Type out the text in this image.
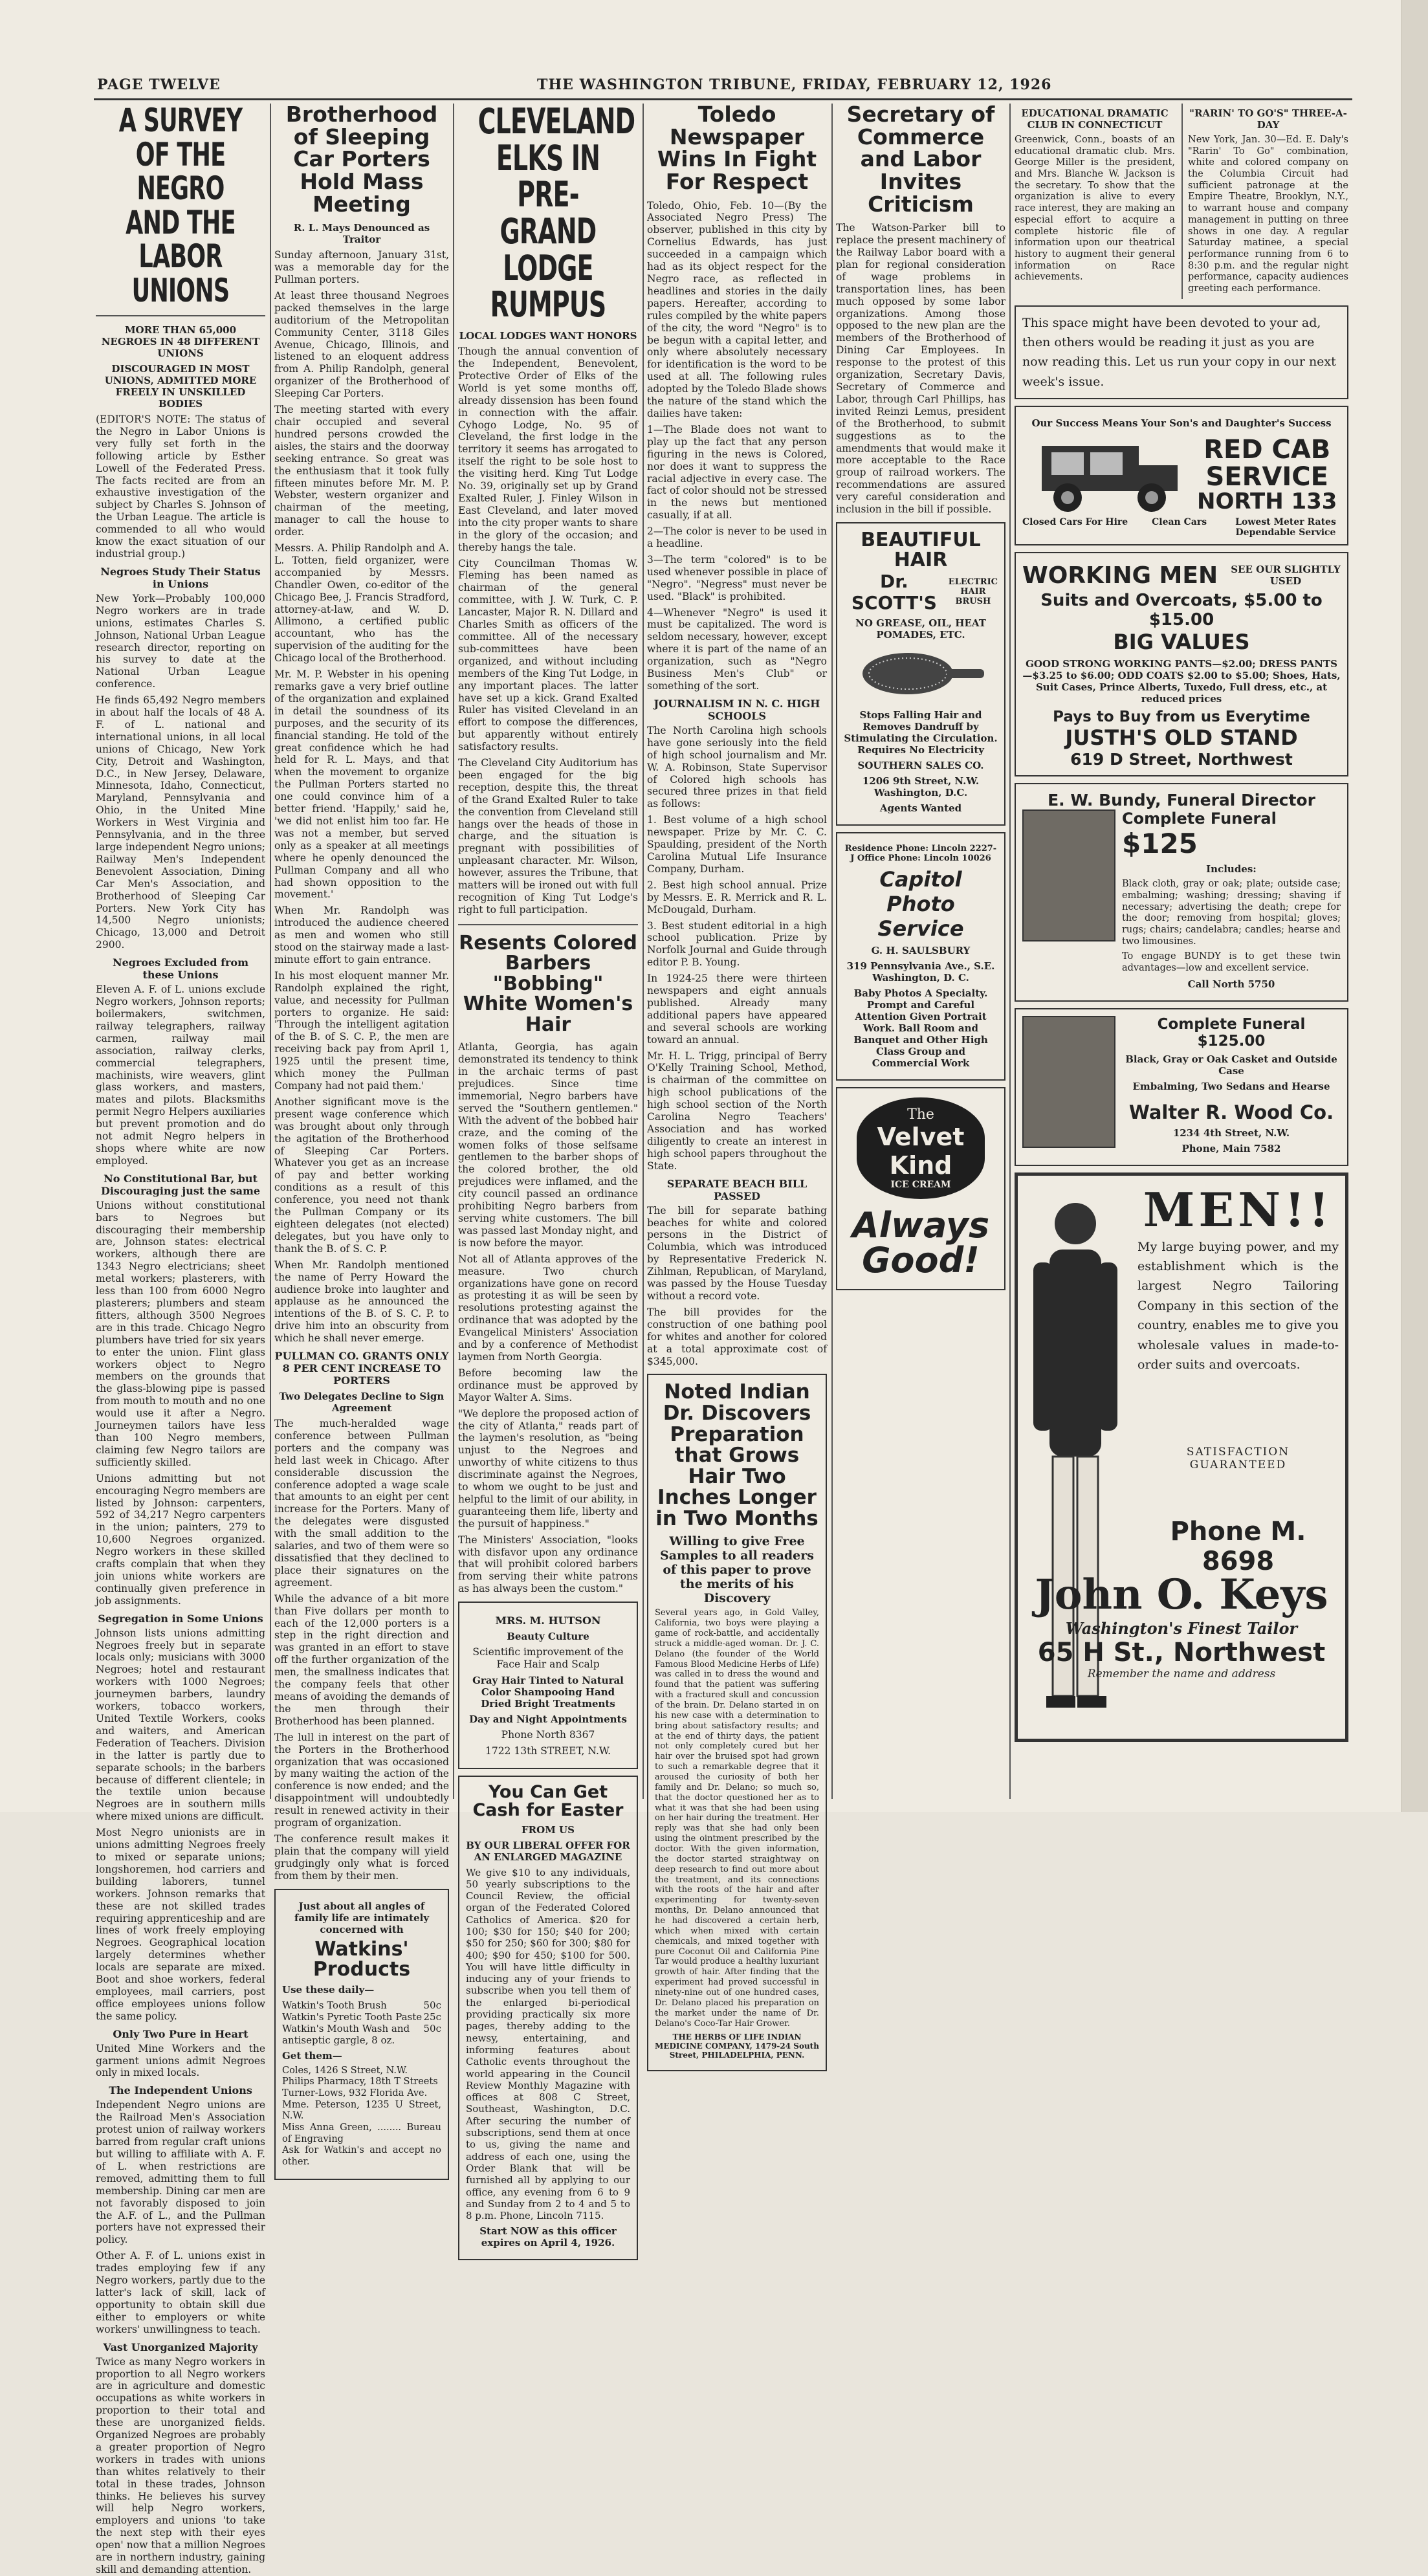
PAGE TWELVE	THE WASHINGTON TRIBUNE, FRIDAY, FEBRUARY 12, 1926
A SURVEY OF THE NEGRO AND THE LABOR UNIONS
MORE THAN 65,000 NEGROES IN 48 DIFFERENT UNIONS
DISCOURAGED IN MOST UNIONS, ADMITTED MORE FREELY IN UNSKILLED BODIES

(EDITOR'S NOTE: The status of the Negro in Labor Unions is very fully set forth in the following article by Esther Lowell of the Federated Press. The facts recited are from an exhaustive investigation of the subject by Charles S. Johnson of the Urban League. The article is commended to all who would know the exact situation of our industrial group.)

Negroes Study Their Status in Unions

New York—Probably 100,000 Negro workers are in trade unions, estimates Charles S. Johnson, National Urban League research director, reporting on his survey to date at the National Urban League conference.

He finds 65,492 Negro members in about half the locals of 48 A. F. of L. national and international unions, in all local unions of Chicago, New York City, Detroit and Washington, D.C., in New Jersey, Delaware, Minnesota, Idaho, Connecticut, Maryland, Pennsylvania and Ohio, in the United Mine Workers in West Virginia and Pennsylvania, and in the three large independent Negro unions; Railway Men's Independent Benevolent Association, Dining Car Men's Association, and Brotherhood of Sleeping Car Porters. New York City has 14,500 Negro unionists; Chicago, 13,000 and Detroit 2900.

Negroes Excluded from these Unions

Eleven A. F. of L. unions exclude Negro workers, Johnson reports; boilermakers, switchmen, railway telegraphers, railway carmen, railway mail association, railway clerks, commercial telegraphers, machinists, wire weavers, glint glass workers, and masters, mates and pilots. Blacksmiths permit Negro Helpers auxiliaries but prevent promotion and do not admit Negro helpers in shops where white are now employed.

No Constitutional Bar, but Discouraging just the same

Unions without constitutional bars to Negroes but discouraging their membership are, Johnson states: electrical workers, although there are 1343 Negro electricians; sheet metal workers; plasterers, with less than 100 from 6000 Negro plasterers; plumbers and steam fitters, although 3500 Negroes are in this trade. Chicago Negro plumbers have tried for six years to enter the union. Flint glass workers object to Negro members on the grounds that the glass-blowing pipe is passed from mouth to mouth and no one would use it after a Negro. Journeymen tailors have less than 100 Negro members, claiming few Negro tailors are sufficiently skilled.

Unions admitting but not encouraging Negro members are listed by Johnson: carpenters, 592 of 34,217 Negro carpenters in the union; painters, 279 to 10,600 Negroes organized. Negro workers in these skilled crafts complain that when they join unions white workers are continually given preference in job assignments.

Segregation in Some Unions

Johnson lists unions admitting Negroes freely but in separate locals only; musicians with 3000 Negroes; hotel and restaurant workers with 1000 Negroes; journeymen barbers, laundry workers, tobacco workers, United Textile Workers, cooks and waiters, and American Federation of Teachers. Division in the latter is partly due to separate schools; in the barbers because of different clientele; in the textile union because Negroes are in southern mills where mixed unions are difficult.

Most Negro unionists are in unions admitting Negroes freely to mixed or separate unions; longshoremen, hod carriers and building laborers, tunnel workers. Johnson remarks that these are not skilled trades requiring apprenticeship and are lines of work freely employing Negroes. Geographical location largely determines whether locals are separate are mixed. Boot and shoe workers, federal employees, mail carriers, post office employees unions follow the same policy.

Only Two Pure in Heart

United Mine Workers and the garment unions admit Negroes only in mixed locals.

The Independent Unions

Independent Negro unions are the Railroad Men's Association protest union of railway workers barred from regular craft unions but willing to affiliate with A. F. of L. when restrictions are removed, admitting them to full membership. Dining car men are not favorably disposed to join the A.F. of L., and the Pullman porters have not expressed their policy.

Other A. F. of L. unions exist in trades employing few if any Negro workers, partly due to the latter's lack of skill, lack of opportunity to obtain skill due either to employers or white workers' unwillingness to teach.

Vast Unorganized Majority

Twice as many Negro workers in proportion to all Negro workers are in agriculture and domestic occupations as white workers in proportion to their total and these are unorganized fields. Organized Negroes are probably a greater proportion of Negro workers in trades with unions than whites relatively to their total in these trades, Johnson thinks. He believes his survey will help Negro workers, employers and unions 'to take the next step with their eyes open' now that a million Negroes are in northern industry, gaining skill and demanding attention.

Brotherhood of Sleeping Car Porters Hold Mass Meeting
R. L. Mays Denounced as Traitor

Sunday afternoon, January 31st, was a memorable day for the Pullman porters.

At least three thousand Negroes packed themselves in the large auditorium of the Metropolitan Community Center, 3118 Giles Avenue, Chicago, Illinois, and listened to an eloquent address from A. Philip Randolph, general organizer of the Brotherhood of Sleeping Car Porters.

The meeting started with every chair occupied and several hundred persons crowded the aisles, the stairs and the doorway seeking entrance. So great was the enthusiasm that it took fully fifteen minutes before Mr. M. P. Webster, western organizer and chairman of the meeting, manager to call the house to order.

Messrs. A. Philip Randolph and A. L. Totten, field organizer, were accompanied by Messrs. Chandler Owen, co-editor of the Chicago Bee, J. Francis Stradford, attorney-at-law, and W. D. Allimono, a certified public accountant, who has the supervision of the auditing for the Chicago local of the Brotherhood.

Mr. M. P. Webster in his opening remarks gave a very brief outline of the organization and explained in detail the soundness of its purposes, and the security of its financial standing. He told of the great confidence which he had held for R. L. Mays, and that when the movement to organize the Pullman Porters started no one could convince him of a better friend. 'Happily,' said he, 'we did not enlist him too far. He was not a member, but served only as a speaker at all meetings where he openly denounced the Pullman Company and all who had shown opposition to the movement.'

When Mr. Randolph was introduced the audience cheered as men and women who still stood on the stairway made a last-minute effort to gain entrance.

In his most eloquent manner Mr. Randolph explained the right, value, and necessity for Pullman porters to organize. He said: 'Through the intelligent agitation of the B. of S. C. P., the men are receiving back pay from April 1, 1925 until the present time, which money the Pullman Company had not paid them.'

Another significant move is the present wage conference which was brought about only through the agitation of the Brotherhood of Sleeping Car Porters. Whatever you get as an increase of pay and better working conditions as a result of this conference, you need not thank the Pullman Company or its eighteen delegates (not elected) delegates, but you have only to thank the B. of S. C. P.

When Mr. Randolph mentioned the name of Perry Howard the audience broke into laughter and applause as he announced the intentions of the B. of S. C. P. to drive him into an obscurity from which he shall never emerge.

PULLMAN CO. GRANTS ONLY 8 PER CENT INCREASE TO PORTERS
Two Delegates Decline to Sign Agreement

The much-heralded wage conference between Pullman porters and the company was held last week in Chicago. After considerable discussion the conference adopted a wage scale that amounts to an eight per cent increase for the Porters. Many of the delegates were disgusted with the small addition to the salaries, and two of them were so dissatisfied that they declined to place their signatures on the agreement.

While the advance of a bit more than Five dollars per month to each of the 12,000 porters is a step in the right direction and was granted in an effort to stave off the further organization of the men, the smallness indicates that the company feels that other means of avoiding the demands of the men through their Brotherhood has been planned.

The lull in interest on the part of the Porters in the Brotherhood organization that was occasioned by many waiting the action of the conference is now ended; and the disappointment will undoubtedly result in renewed activity in their program of organization.

The conference result makes it plain that the company will yield grudgingly only what is forced from them by their men.

Just about all angles of family life are intimately concerned with
Watkins' Products
Use these daily—
Watkin's Tooth Brush	50c
Watkin's Pyretic Tooth Paste 25c
Watkin's Mouth Wash and antiseptic gargle, 8 oz.
50c
Get them—
Coles, 1426 S Street, N.W.
Philips Pharmacy, 18th T Streets
Turner-Lows, 932 Florida Ave.
Mme. Peterson, 1235 U Street, N.W.
Miss Anna Green, ........ Bureau of Engraving
Ask for Watkin's and accept no other.
CLEVELAND ELKS IN PRE-GRAND LODGE RUMPUS
LOCAL LODGES WANT HONORS

Though the annual convention of the Independent, Benevolent, Protective Order of Elks of the World is yet some months off, already dissension has been found in connection with the affair. Cyhogo Lodge, No. 95 of Cleveland, the first lodge in the territory it seems has arrogated to itself the right to be sole host to the visiting herd. King Tut Lodge No. 39, originally set up by Grand Exalted Ruler, J. Finley Wilson in East Cleveland, and later moved into the city proper wants to share in the glory of the occasion; and thereby hangs the tale.

City Councilman Thomas W. Fleming has been named as chairman of the general committee, with J. W. Turk, C. P. Lancaster, Major R. N. Dillard and Charles Smith as officers of the committee. All of the necessary sub-committees have been organized, and without including members of the King Tut Lodge, in any important places. The latter have set up a kick. Grand Exalted Ruler has visited Cleveland in an effort to compose the differences, but apparently without entirely satisfactory results.

The Cleveland City Auditorium has been engaged for the big reception, despite this, the threat of the Grand Exalted Ruler to take the convention from Cleveland still hangs over the heads of those in charge, and the situation is pregnant with possibilities of unpleasant character. Mr. Wilson, however, assures the Tribune, that matters will be ironed out with full recognition of King Tut Lodge's right to full participation.

Resents Colored Barbers "Bobbing" White Women's Hair

Atlanta, Georgia, has again demonstrated its tendency to think in the archaic terms of past prejudices. Since time immemorial, Negro barbers have served the "Southern gentlemen." With the advent of the bobbed hair craze, and the coming of the women folks of those selfsame gentlemen to the barber shops of the colored brother, the old prejudices were inflamed, and the city council passed an ordinance prohibiting Negro barbers from serving white customers. The bill was passed last Monday night, and is now before the mayor.

Not all of Atlanta approves of the measure. Two church organizations have gone on record as protesting it as will be seen by resolutions protesting against the ordinance that was adopted by the Evangelical Ministers' Association and by a conference of Methodist laymen from North Georgia.

Before becoming law the ordinance must be approved by Mayor Walter A. Sims.

"We deplore the proposed action of the city of Atlanta," reads part of the laymen's resolution, as "being unjust to the Negroes and unworthy of white citizens to thus discriminate against the Negroes, to whom we ought to be just and helpful to the limit of our ability, in guaranteeing them life, liberty and the pursuit of happiness."

The Ministers' Association, "looks with disfavor upon any ordinance that will prohibit colored barbers from serving their white patrons as has always been the custom."

MRS. M. HUTSON
Beauty Culture
Scientific improvement of the Face Hair and Scalp
Gray Hair Tinted to Natural Color Shampooing Hand Dried Bright Treatments
Day and Night Appointments
Phone North 8367
1722 13th STREET, N.W.
You Can Get Cash for Easter
FROM US
BY OUR LIBERAL OFFER FOR AN ENLARGED MAGAZINE

We give $10 to any individuals, 50 yearly subscriptions to the Council Review, the official organ of the Federated Colored Catholics of America. $20 for 100; $30 for 150; $40 for 200; $50 for 250; $60 for 300; $80 for 400; $90 for 450; $100 for 500. You will have little difficulty in inducing any of your friends to subscribe when you tell them of the enlarged bi-periodical providing practically six more pages, thereby adding to the newsy, entertaining, and informing features about Catholic events throughout the world appearing in the Council Review Monthly Magazine with offices at 808 C Street, Southeast, Washington, D.C. After securing the number of subscriptions, send them at once to us, giving the name and address of each one, using the Order Blank that will be furnished all by applying to our office, any evening from 6 to 9 and Sunday from 2 to 4 and 5 to 8 p.m. Phone, Lincoln 7115.

Start NOW as this officer expires on April 4, 1926.
Toledo Newspaper Wins In Fight For Respect

Toledo, Ohio, Feb. 10—(By the Associated Negro Press) The observer, published in this city by Cornelius Edwards, has just succeeded in a campaign which had as its object respect for the Negro race, as reflected in headlines and stories in the daily papers. Hereafter, according to rules compiled by the white papers of the city, the word "Negro" is to be begun with a capital letter, and only where absolutely necessary for identification is the word to be used at all. The following rules adopted by the Toledo Blade shows the nature of the stand which the dailies have taken:

1—The Blade does not want to play up the fact that any person figuring in the news is Colored, nor does it want to suppress the racial adjective in every case. The fact of color should not be stressed in the news but mentioned casually, if at all.

2—The color is never to be used in a headline.

3—The term "colored" is to be used whenever possible in place of "Negro". "Negress" must never be used. "Black" is prohibited.

4—Whenever "Negro" is used it must be capitalized. The word is seldom necessary, however, except where it is part of the name of an organization, such as "Negro Business Men's Club" or something of the sort.

JOURNALISM IN N. C. HIGH SCHOOLS

The North Carolina high schools have gone seriously into the field of high school journalism and Mr. W. A. Robinson, State Supervisor of Colored high schools has secured three prizes in that field as follows:

1. Best volume of a high school newspaper. Prize by Mr. C. C. Spaulding, president of the North Carolina Mutual Life Insurance Company, Durham.

2. Best high school annual. Prize by Messrs. E. R. Merrick and R. L. McDougald, Durham.

3. Best student editorial in a high school publication. Prize by Norfolk Journal and Guide through editor P. B. Young.

In 1924-25 there were thirteen newspapers and eight annuals published. Already many additional papers have appeared and several schools are working toward an annual.

Mr. H. L. Trigg, principal of Berry O'Kelly Training School, Method, is chairman of the committee on high school publications of the high school section of the North Carolina Negro Teachers' Association and has worked diligently to create an interest in high school papers throughout the State.

SEPARATE BEACH BILL PASSED

The bill for separate bathing beaches for white and colored persons in the District of Columbia, which was introduced by Representative Frederick N. Zihlman, Republican, of Maryland, was passed by the House Tuesday without a record vote.

The bill provides for the construction of one bathing pool for whites and another for colored at a total approximate cost of $345,000.

Noted Indian Dr. Discovers Preparation that Grows Hair Two Inches Longer in Two Months
Willing to give Free Samples to all readers of this paper to prove the merits of his Discovery

Several years ago, in Gold Valley, California, two boys were playing a game of rock-battle, and accidentally struck a middle-aged woman. Dr. J. C. Delano (the founder of the World Famous Blood Medicine Herbs of Life) was called in to dress the wound and found that the patient was suffering with a fractured skull and concussion of the brain. Dr. Delano started in on his new case with a determination to bring about satisfactory results; and at the end of thirty days, the patient not only completely cured but her hair over the bruised spot had grown to such a remarkable degree that it aroused the curiosity of both her family and Dr. Delano; so much so, that the doctor questioned her as to what it was that she had been using on her hair during the treatment. Her reply was that she had only been using the ointment prescribed by the doctor. With the given information, the doctor started straightway on deep research to find out more about the treatment, and its connections with the roots of the hair and after experimenting for twenty-seven months, Dr. Delano announced that he had discovered a certain herb, which when mixed with certain chemicals, and mixed together with pure Coconut Oil and California Pine Tar would produce a healthy luxuriant growth of hair. After finding that the experiment had proved successful in ninety-nine out of one hundred cases, Dr. Delano placed his preparation on the market under the name of Dr. Delano's Coco-Tar Hair Grower.

THE HERBS OF LIFE INDIAN MEDICINE COMPANY, 1479-24 South Street, PHILADELPHIA, PENN.
Secretary of Commerce and Labor Invites Criticism

The Watson-Parker bill to replace the present machinery of the Railway Labor board with a plan for regional consideration of wage problems in transportation lines, has been much opposed by some labor organizations. Among those opposed to the new plan are the members of the Brotherhood of Dining Car Employees. In response to the protest of this organization, Secretary Davis, Secretary of Commerce and Labor, through Carl Phillips, has invited Reinzi Lemus, president of the Brotherhood, to submit suggestions as to the amendments that would make it more acceptable to the Race group of railroad workers. The recommendations are assured very careful consideration and inclusion in the bill if possible.

BEAUTIFUL HAIR
Dr. SCOTT'S
ELECTRIC HAIR BRUSH
NO GREASE, OIL, HEAT POMADES, ETC.
Stops Falling Hair and Removes Dandruff by Stimulating the Circulation. Requires No Electricity
SOUTHERN SALES CO.
1206 9th Street, N.W. Washington, D.C.
Agents Wanted
Residence Phone: Lincoln 2227-J Office Phone: Lincoln 10026
Capitol Photo Service
G. H. SAULSBURY
319 Pennsylvania Ave., S.E. Washington, D. C.
Baby Photos A Specialty. Prompt and Careful Attention Given Portrait Work. Ball Room and Banquet and Other High Class Group and Commercial Work
The
Velvet Kind
ICE CREAM
Always Good!
EDUCATIONAL DRAMATIC CLUB IN CONNECTICUT

Greenwick, Conn., boasts of an educational dramatic club. Mrs. George Miller is the president, and Mrs. Blanche W. Jackson is the secretary. To show that the organization is alive to every race interest, they are making an especial effort to acquire a complete historic file of information upon our theatrical history to augment their general information on Race achievements.

"RARIN' TO GO'S" THREE-A-DAY

New York, Jan. 30—Ed. E. Daly's "Rarin' To Go" combination, white and colored company on the Columbia Circuit had sufficient patronage at the Empire Theatre, Brooklyn, N.Y., to warrant house and company management in putting on three shows in one day. A regular Saturday matinee, a special performance running from 6 to 8:30 p.m. and the regular night performance, capacity audiences greeting each performance.

This space might have been devoted to your ad, then others would be reading it just as you are now reading this. Let us run your copy in our next week's issue.
Our Success Means Your Son's and Daughter's Success
RED CAB
SERVICE
NORTH 133
Closed Cars For Hire	Clean Cars	Lowest Meter Rates Dependable Service
WORKING MEN SEE OUR SLIGHTLY USED
Suits and Overcoats, $5.00 to $15.00
BIG VALUES
GOOD STRONG WORKING PANTS—$2.00; DRESS PANTS—$3.25 to $6.00; ODD COATS $2.00 to $5.00; Shoes, Hats, Suit Cases, Prince Alberts, Tuxedo, Full dress, etc., at reduced prices
Pays to Buy from us Everytime
JUSTH'S OLD STAND
619 D Street, Northwest
E. W. Bundy, Funeral Director
Complete Funeral $125
Includes:

Black cloth, gray or oak; plate; outside case; embalming; washing; dressing; shaving if necessary; advertising the death; crepe for the door; removing from hospital; gloves; rugs; chairs; candelabra; candles; hearse and two limousines.

To engage BUNDY is to get these twin advantages—low and excellent service.

Call North 5750
Complete Funeral $125.00
Black, Gray or Oak Casket and Outside Case
Embalming, Two Sedans and Hearse
Walter R. Wood Co.
1234 4th Street, N.W.
Phone, Main 7582
MEN!!

My large buying power, and my establishment which is the largest Negro Tailoring Company in this section of the country, enables me to give you wholesale values in made-to-order suits and overcoats.

SATISFACTION GUARANTEED
Phone M. 8698
John O. Keys
Washington's Finest Tailor
65 H St., Northwest
Remember the name and address
